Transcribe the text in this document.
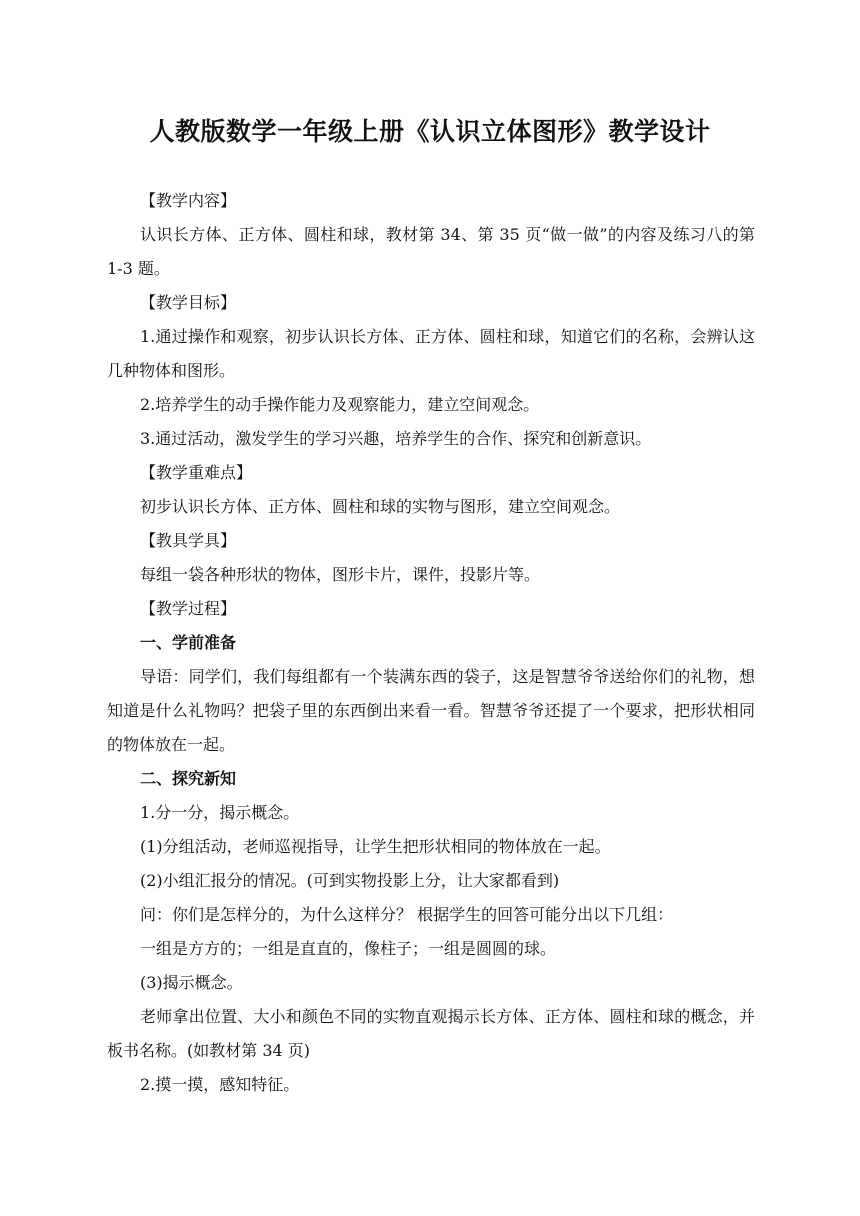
人教版数学一年级上册《认识立体图形》教学设计

【教学内容】

认识长方体、正方体、圆柱和球，教材第 34、第 35 页“做一做”的内容及练习八的第 1-3 题。

【教学目标】

1.通过操作和观察，初步认识长方体、正方体、圆柱和球，知道它们的名称，会辨认这几种物体和图形。

2.培养学生的动手操作能力及观察能力，建立空间观念。

3.通过活动，激发学生的学习兴趣，培养学生的合作、探究和创新意识。

【教学重难点】

初步认识长方体、正方体、圆柱和球的实物与图形，建立空间观念。

【教具学具】

每组一袋各种形状的物体，图形卡片，课件，投影片等。

【教学过程】

一、学前准备

导语：同学们，我们每组都有一个装满东西的袋子，这是智慧爷爷送给你们的礼物，想知道是什么礼物吗？把袋子里的东西倒出来看一看。智慧爷爷还提了一个要求，把形状相同的物体放在一起。

二、探究新知

1.分一分，揭示概念。

(1)分组活动，老师巡视指导，让学生把形状相同的物体放在一起。

(2)小组汇报分的情况。(可到实物投影上分，让大家都看到)

问：你们是怎样分的，为什么这样分？ 根据学生的回答可能分出以下几组：

一组是方方的；一组是直直的，像柱子；一组是圆圆的球。

(3)揭示概念。

老师拿出位置、大小和颜色不同的实物直观揭示长方体、正方体、圆柱和球的概念，并板书名称。(如教材第 34 页)

2.摸一摸，感知特征。
